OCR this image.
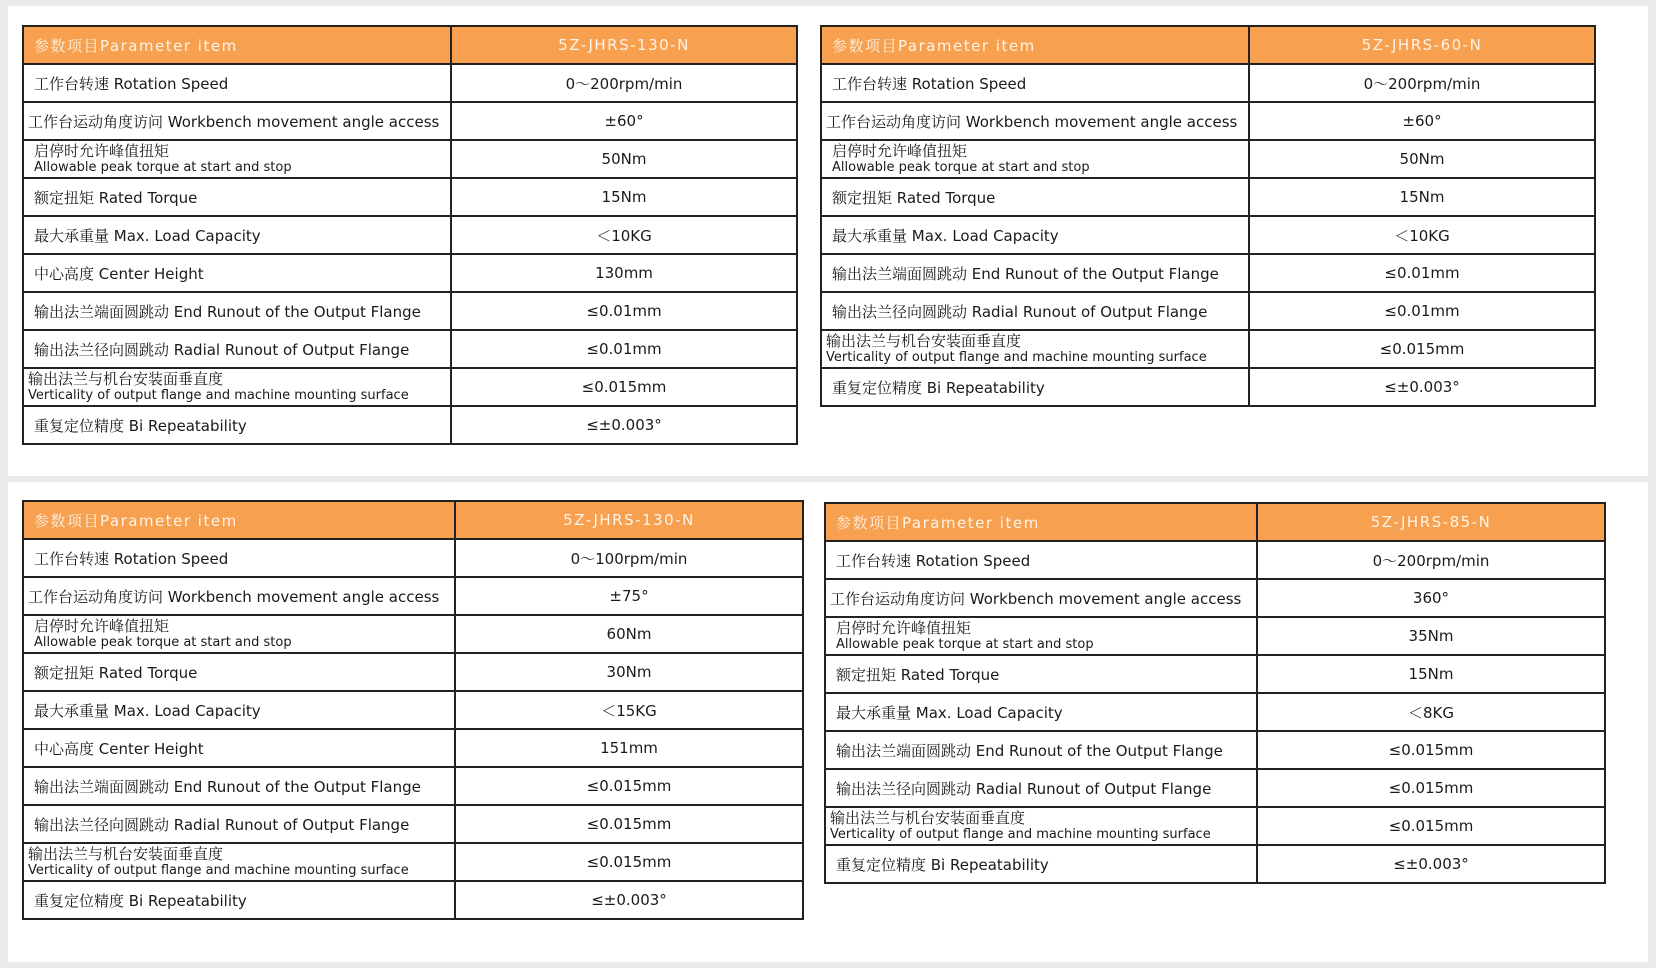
参数项目Parameter item	5Z-JHRS-130-N
工作台转速 Rotation Speed	0～200rpm/min
工作台运动角度访问 Workbench movement angle access	±60°

启停时允许峰值扭矩
Allowable peak torque at start and stop	50Nm
额定扭矩 Rated Torque	15Nm
最大承重量 Max. Load Capacity	＜10KG
中心高度 Center Height	130mm
输出法兰端面圆跳动 End Runout of the Output Flange	≤0.01mm
输出法兰径向圆跳动 Radial Runout of Output Flange	≤0.01mm

输出法兰与机台安装面垂直度
Verticality of output flange and machine mounting surface	≤0.015mm
重复定位精度 Bi Repeatability	≤±0.003°
参数项目Parameter item	5Z-JHRS-60-N
工作台转速 Rotation Speed	0～200rpm/min
工作台运动角度访问 Workbench movement angle access	±60°

启停时允许峰值扭矩
Allowable peak torque at start and stop	50Nm
额定扭矩 Rated Torque	15Nm
最大承重量 Max. Load Capacity	＜10KG
输出法兰端面圆跳动 End Runout of the Output Flange	≤0.01mm
输出法兰径向圆跳动 Radial Runout of Output Flange	≤0.01mm

输出法兰与机台安装面垂直度
Verticality of output flange and machine mounting surface	≤0.015mm
重复定位精度 Bi Repeatability	≤±0.003°
参数项目Parameter item	5Z-JHRS-130-N
工作台转速 Rotation Speed	0～100rpm/min
工作台运动角度访问 Workbench movement angle access	±75°

启停时允许峰值扭矩
Allowable peak torque at start and stop	60Nm
额定扭矩 Rated Torque	30Nm
最大承重量 Max. Load Capacity	＜15KG
中心高度 Center Height	151mm
输出法兰端面圆跳动 End Runout of the Output Flange	≤0.015mm
输出法兰径向圆跳动 Radial Runout of Output Flange	≤0.015mm

输出法兰与机台安装面垂直度
Verticality of output flange and machine mounting surface	≤0.015mm
重复定位精度 Bi Repeatability	≤±0.003°
参数项目Parameter item	5Z-JHRS-85-N
工作台转速 Rotation Speed	0～200rpm/min
工作台运动角度访问 Workbench movement angle access	360°

启停时允许峰值扭矩
Allowable peak torque at start and stop	35Nm
额定扭矩 Rated Torque	15Nm
最大承重量 Max. Load Capacity	＜8KG
输出法兰端面圆跳动 End Runout of the Output Flange	≤0.015mm
输出法兰径向圆跳动 Radial Runout of Output Flange	≤0.015mm

输出法兰与机台安装面垂直度
Verticality of output flange and machine mounting surface	≤0.015mm
重复定位精度 Bi Repeatability	≤±0.003°
